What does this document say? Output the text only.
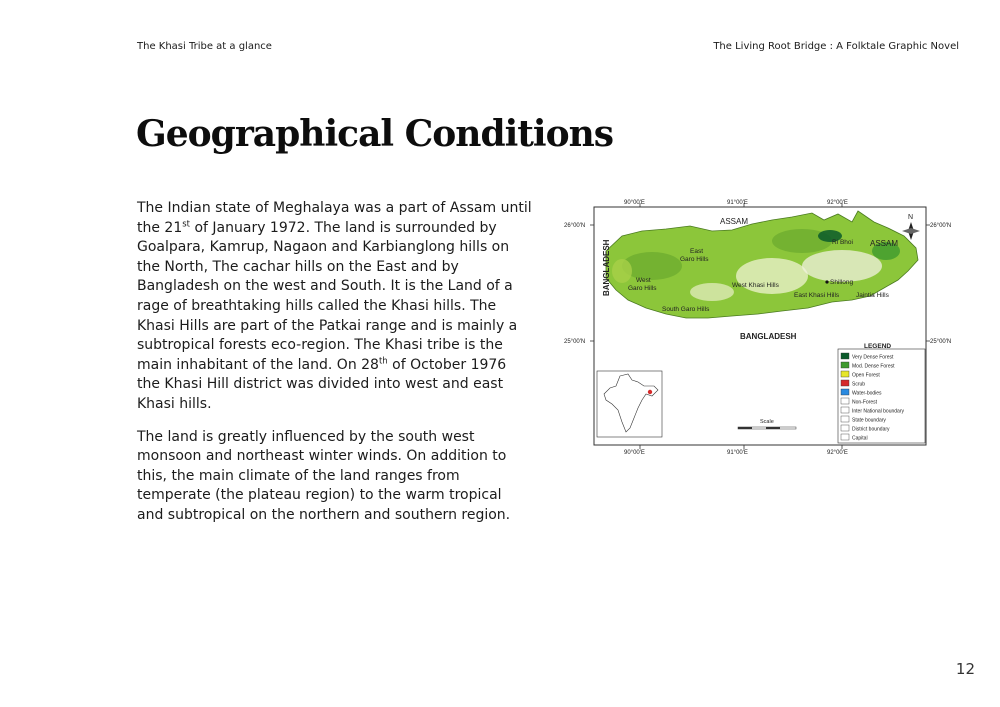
The Khasi Tribe at a glance	The Living Root Bridge : A Folktale Graphic Novel
Geographical Conditions

The Indian state of Meghalaya was a part of Assam until the 21st of January 1972. The land is surrounded by Goalpara, Kamrup, Nagaon and Karbianglong hills on the North, The cachar hills on the East and by Bangladesh on the west and South. It is the Land of a rage of breathtaking hills called the Khasi hills. The Khasi Hills are part of the Patkai range and is mainly a subtropical forests eco-region. The Khasi tribe is the main inhabitant of the land. On 28th of October 1976 the Khasi Hill district was divided into west and east Khasi hills.

The land is greatly influenced by the south west monsoon and northeast winter winds. On addition to this, the main climate of the land ranges from temperate (the plateau region) to the warm tropical and subtropical on the northern and southern region.

90°00'E	91°00'E	92°00'E
90°00'E	91°00'E	92°00'E
26°00'N
25°00'N
26°00'N
25°00'N
ASSAM
ASSAM
BANGLADESH
BANGLADESH	East
Garo Hills
West
Garo Hills
South Garo Hills
West Khasi Hills
East Khasi Hills	Jaintia Hills
Ri Bhoi
Shillong
N
Scale
LEGEND
Very Dense Forest
Mod. Dense Forest
Open Forest
Scrub
Water-bodies
Non-Forest
Inter National boundary
State boundary
District boundary
Capital
12
